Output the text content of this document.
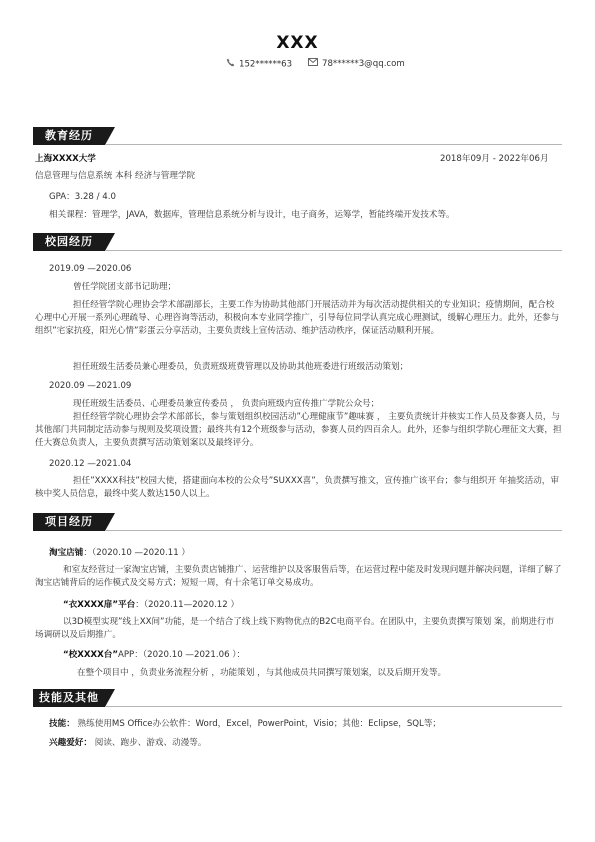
XXX
152******63	78******3@qq.com
教育经历
上海XXXX大学	2018年09月 - 2022年06月
信息管理与信息系统 本科 经济与管理学院
GPA：3.28 / 4.0
相关课程：管理学，JAVA，数据库，管理信息系统分析与设计，电子商务，运筹学，暂能终端开发技术等。
校园经历
2019.09 —2020.06
曾任学院团支部书记助理；
担任经管学院心理协会学术部副部长，主要工作为协助其他部门开展活动并为每次活动提供相关的专业知识；疫情期间，配合校心理中心开展一系列心理疏导、心理咨询等活动，积极向本专业同学推广，引导每位同学认真完成心理测试，缓解心理压力。此外，还参与组织”宅家抗疫，阳光心情”彩蛋云分享活动，主要负责线上宣传活动、维护活动秩序，保证活动顺利开展。
担任班级生活委员兼心理委员，负责班级班费管理以及协助其他班委进行班级活动策划；
2020.09 —2021.09
现任班级生活委员、心理委员兼宣传委员 ， 负责向班级内宣传推广学院公众号；
担任经管学院心理协会学术部部长，参与策划组织校园活动”心理健康节”趣味赛 ， 主要负责统计并核实工作人员及参赛人员，与其他部门共同制定活动参与规则及奖项设置；最终共有12个班级参与活动，参赛人员约四百余人。此外，还参与组织学院心理征文大赛，担任大赛总负责人，主要负责撰写活动策划案以及最终评分。
2020.12 —2021.04
担任”XXXX科技”校园大使，搭建面向本校的公众号”SUXXX喜”，负责撰写推文，宣传推广该平台；参与组织开 年抽奖活动，审核中奖人员信息，最终中奖人数达150人以上。
项目经历
淘宝店铺：（2020.10 —2020.11 ）
和室友经营过一家淘宝店铺，主要负责店铺推广、运营维护以及客服售后等，在运营过程中能及时发现问题并解决问题，详细了解了淘宝店铺背后的运作模式及交易方式；短短一周，有十余笔订单交易成功。
“衣XXXX扉”平台：（2020.11—2020.12 ）
以3D模型实现”线上XX间”功能，是一个结合了线上线下购物优点的B2C电商平台。在团队中，主要负责撰写策划 案，前期进行市场调研以及后期推广。
“校XXXX台”APP：（2020.10 —2021.06 ）：
在整个项目中 ，负责业务流程分析 ，功能策划 ，与其他成员共同撰写策划案，以及后期开发等。
技能及其他
技能： 熟练使用MS Office办公软件：Word，Excel，PowerPoint，Visio；其他：Eclipse，SQL等；
兴趣爱好： 阅读、跑步、游戏、动漫等。
